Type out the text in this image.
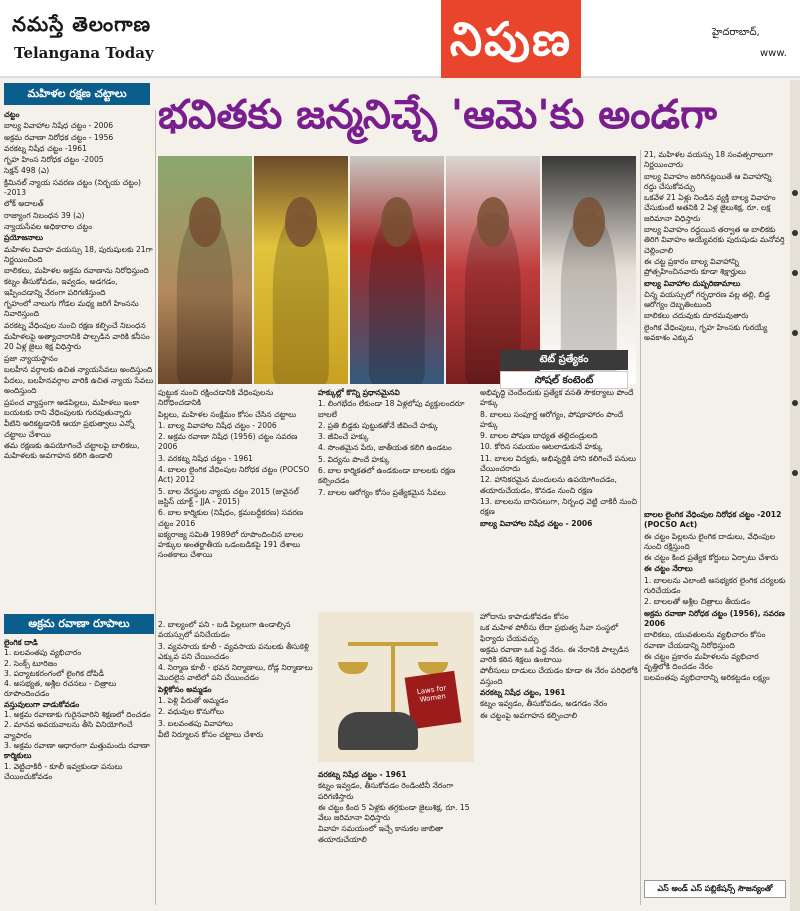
నమస్తే తెలంగాణ
Telangana Today	నిపుణ	హైదరాబాద్,
www.
మహిళల రక్షణ చట్టాలు భవితకు జన్మనిచ్చే 'ఆమె'కు అండగా
చట్టం
బాల్య వివాహాల నిషేధ చట్టం - 2006
అక్రమ రవాణా నిరోధక చట్టం - 1956
వరకట్న నిషేధ చట్టం -1961
గృహ హింస నిరోధక చట్టం -2005
సెక్షన్ 498 (ఎ)
క్రిమినల్ న్యాయ సవరణ చట్టం (నిర్భయ చట్టం) -2013
లోక్ అదాలత్
రాజ్యాంగ నిబంధన 39 (ఎ)
న్యాయసేవల అధికారాల చట్టం
ప్రయోజనాలు
మహిళల వివాహ వయస్సు 18, పురుషులకు 21గా నిర్ణయించింది
బాలికలు, మహిళల అక్రమ రవాణాను నిరోధిస్తుంది
కట్నం తీసుకోవడం, ఇవ్వడం, అడగడం, ఇప్పించడాన్ని నేరంగా పరిగణిస్తుంది
గృహంలో నాలుగు గోడల మధ్య జరిగే హింసను నివారిస్తుంది
వరకట్న వేధింపుల నుంచి రక్షణ కల్పించే నిబంధన
మహిళలపై అత్యాచారానికి పాల్పడిన వారికి కనీసం 20 ఏళ్ల జైలు శిక్ష విధిస్తారు
ప్రజా న్యాయస్థానం
బలహీన వర్గాలకు ఉచిత న్యాయసేవలు అందిస్తుంది
పేదలు, బలహీనవర్గాల వారికి ఉచిత న్యాయ సేవలు అందిస్తుంది
ప్రపంచ వ్యాప్తంగా ఆడపిల్లలు, మహిళలు ఇంకా బయటకు రాని వేధింపులకు గురవుతున్నారు
వీటిని అరికట్టడానికి ఆయా ప్రభుత్వాలు ఎన్నో చట్టాలు చేశాయి
తమ రక్షణకు ఉపయోగించే చట్టాలపై బాలికలు, మహిళలకు అవగాహన కలిగి ఉండాలి
అక్రమ రవాణా రూపాలు
లైంగిక దాడి
1. బలవంతపు వ్యభిచారం
2. సెంక్స్ టూరిజం
3. పర్యాటకరంగంలో లైంగిక దోపిడీ
4. అసభ్యత, అశ్లీల రచనలు - చిత్రాలు రూపొందించడం
వస్తువులుగా వాడుకోవడం
1. అక్రమ రవాణాకు గురైనవారిని శిక్షణలో దించడం
2. మానవ అవయవాలను తీసి వినియోగించే వ్యాపారం
3. అక్రమ రవాణా ఆధారంగా మత్తుమందు రవాణా
కార్మికులు
1. వెట్టిచాకిరీ - కూలీ ఇవ్వకుండా పనులు చేయించుకోవడం
టెట్ ప్రత్యేకం
సోషల్ కంటెంట్
పుట్టుక నుంచి రక్షించడానికి వేధింపులను నిరోధించడానికి
పిల్లలు, మహిళల సంక్షేమం కోసం చేసిన చట్టాలు
1. బాల్య వివాహాల నిషేధ చట్టం - 2006
2. అక్రమ రవాణా నిషేధ (1956) చట్టం సవరణ 2006
3. వరకట్న నిషేధ చట్టం - 1961
4. బాలల లైంగిక వేధింపుల నిరోధక చట్టం (POCSO Act) 2012
5. బాల నేరస్థుల న్యాయ చట్టం 2015 (జువైనల్ జస్టిస్ యాక్ట్ - JJA - 2015)
6. బాల కార్మికుల (నిషేధం, క్రమబద్ధీకరణ) సవరణ చట్టం 2016
ఐక్యరాజ్య సమితి 1989లో రూపొందించిన బాలల హక్కుల అంతర్జాతీయ ఒడంబడికపై 191 దేశాలు సంతకాలు చేశాయి
హక్కుల్లో కొన్ని ప్రధానమైనవి
1. లింగభేదం లేకుండా 18 ఏళ్లలోపు వ్యక్తులందరూ బాలలే
2. ప్రతి బిడ్డకు పుట్టుకతోనే జీవించే హక్కు
3. జీవించే హక్కు
4. సొంతమైన పేరు, జాతీయత కలిగి ఉండటం
5. విద్యను పొందే హక్కు
6. బాల కార్మికతలో ఉండకుండా బాలలకు రక్షణ కల్పించడం
7. బాలల ఆరోగ్యం కోసం ప్రత్యేకమైన సేవలు
అభివృద్ధి చెందేందుకు ప్రత్యేక వసతి సౌకర్యాలు పొందే హక్కు
8. బాలలు సంపూర్ణ ఆరోగ్యం, పోషకాహారం పొందే హక్కు
9. బాలల పోషణ బాధ్యత తల్లిదండ్రులది
10. కోరిన సమయం ఆటలాడుకునే హక్కు
11. బాలల విద్యకు, అభివృద్ధికి హాని కలిగించే పనులు చేయించరాదు
12. హానికరమైన మందులను ఉపయోగించడం, తయారుచేయడం, కొనడం నుంచి రక్షణ
13. బాలలను బానిసలుగా, నిర్బంధ వెట్టి చాకిరీ నుంచి రక్షణ
బాల్య వివాహాల నిషేధ చట్టం - 2006
21, మహిళల వయస్సు 18 సంవత్సరాలుగా నిర్ణయించారు
బాల్య వివాహం జరిగినట్లయితే ఆ వివాహాన్ని రద్దు చేసుకోవచ్చు
ఒకవేళ 21 ఏళ్లు నిండిన వ్యక్తి బాల్య వివాహం చేసుకుంటే అతనికి 2 ఏళ్ల జైలుశిక్ష, రూ. లక్ష జరిమానా విధిస్తారు
బాల్య వివాహం రద్దయిన తర్వాత ఆ బాలికకు తిరిగి వివాహం అయ్యేవరకు పురుషుడు మనోవర్తి చెల్లించాలి
ఈ చట్ట ప్రకారం బాల్య వివాహాన్ని ప్రోత్సహించినవారు కూడా శిక్షార్హులు
బాల్య వివాహాల దుష్పరిణామాలు
చిన్న వయస్సులో గర్భధారణ వల్ల తల్లి, బిడ్డ ఆరోగ్యం దెబ్బతింటుంది
బాలికలు చదువుకు దూరమవుతారు
లైంగిక వేధింపులు, గృహ హింసకు గురయ్యే అవకాశం ఎక్కువ
Laws for Women
2. బాల్యంలో పని - బడి పిల్లలుగా ఉండాల్సిన వయస్సులో పనిచేయడం
3. వ్యవసాయ కూలీ - వ్యవసాయ పనులకు తీసుకెళ్లి ఎక్కువ పని చేయించడం
4. నిర్మాణ కూలీ - భవన నిర్మాణాలు, రోడ్ల నిర్మాణాలు మొదలైన వాటిలో పని చేయించడం
పెళ్లికోసం అమ్మడం
1. పెళ్లి పేరుతో అమ్మడం
2. వధువుల కొనుగోలు
3. బలవంతపు వివాహాలు
వీటి నిర్మూలన కోసం చట్టాలు చేశారు
వరకట్న నిషేధ చట్టం - 1961
కట్నం ఇవ్వడం, తీసుకోవడం రెండింటినీ నేరంగా పరిగణిస్తారు
ఈ చట్టం కింద 5 ఏళ్లకు తగ్గకుండా జైలుశిక్ష, రూ. 15 వేలు జరిమానా విధిస్తారు
వివాహ సమయంలో ఇచ్చే కానుకల జాబితా తయారుచేయాలి
హోదాను కాపాడుకోవడం కోసం
ఒక మహిళ పోలీసు లేదా ప్రభుత్వ సేవా సంస్థలో ఫిర్యాదు చేయవచ్చు
అక్రమ రవాణా ఒక పెద్ద నేరం. ఈ నేరానికి పాల్పడిన వారికి కఠిన శిక్షలు ఉంటాయి
పోలీసులు దాడులు చేయడం కూడా ఈ నేరం పరిధిలోకి వస్తుంది
వరకట్న నిషేధ చట్టం, 1961
కట్నం ఇవ్వడం, తీసుకోవడం, అడగడం నేరం
ఈ చట్టంపై అవగాహన కల్పించాలి
బాలల లైంగిక వేధింపుల నిరోధక చట్టం -2012 (POCSO Act)
ఈ చట్టం పిల్లలను లైంగిక దాడులు, వేధింపుల నుంచి రక్షిస్తుంది
ఈ చట్టం కింద ప్రత్యేక కోర్టులు ఏర్పాటు చేశారు
ఈ చట్టం నేరాలు
1. బాలలను ఎలాంటి అసభ్యకర లైంగిక చర్యలకు గురిచేయడం
2. బాలలతో అశ్లీల చిత్రాలు తీయడం
అక్రమ రవాణా నిరోధక చట్టం (1956), సవరణ 2006
బాలికలు, యువతులను వ్యభిచారం కోసం రవాణా చేయడాన్ని నిరోధిస్తుంది
ఈ చట్టం ప్రకారం మహిళలను వ్యభిచార వృత్తిలోకి దించడం నేరం
బలవంతపు వ్యభిచారాన్ని అరికట్టడం లక్ష్యం
ఎస్ అండ్ ఎస్ పబ్లికేషన్స్ సౌజన్యంతో
